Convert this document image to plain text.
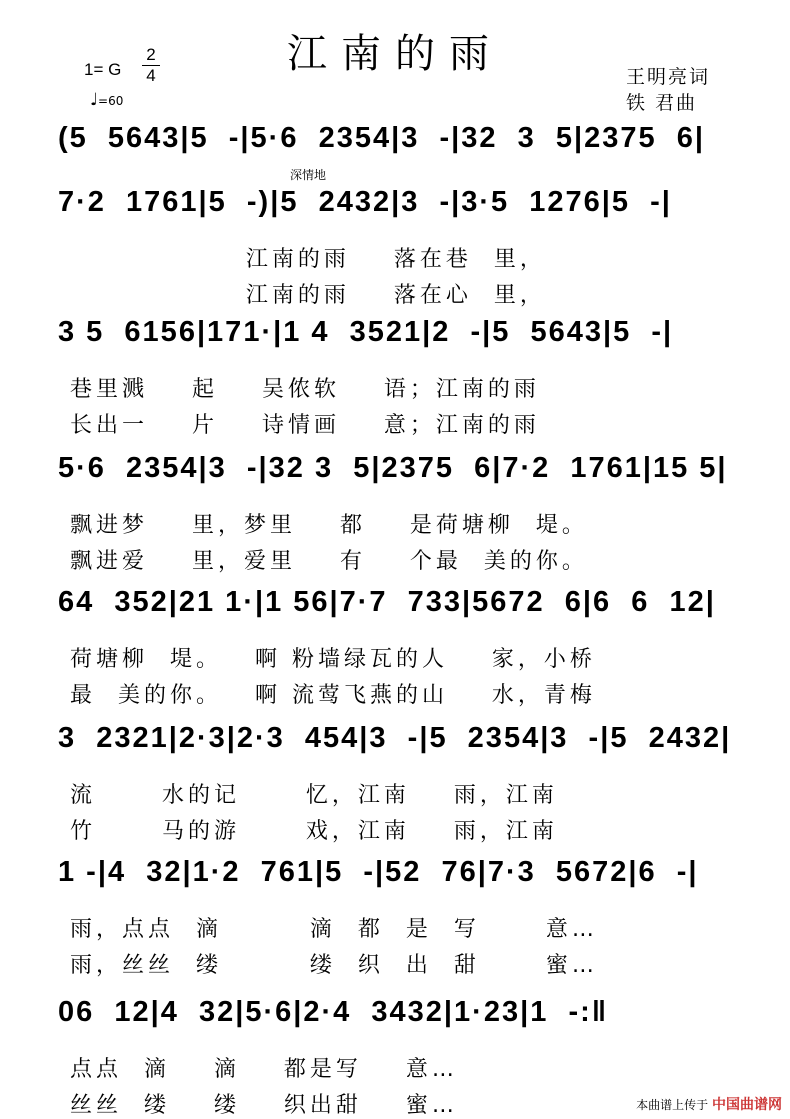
江南的雨
1= G
2
4
♩=60
王明亮词
铁 君曲
(5  5643|5  -|5·6  2354|3  -|32  3  5|2375  6|
7·2  1761|5  -)|5  2432|3  -|3·5  1276|5  -|
江南的雨    落在巷  里，
江南的雨    落在心  里，
3 5  6156|171·|1 4  3521|2  -|5  5643|5  -|
巷里溅    起    吴侬软    语；江南的雨
长出一    片    诗情画    意；江南的雨
5·6  2354|3  -|32 3  5|2375  6|7·2  1761|15 5|
飘进梦    里，梦里    都    是荷塘柳  堤。
飘进爱    里，爱里    有    个最  美的你。
64  352|21 1·|1 56|7·7  733|5672  6|6  6  12|
荷塘柳  堤。   啊 粉墙绿瓦的人    家，小桥
最  美的你。   啊 流莺飞燕的山    水，青梅
3  2321|2·3|2·3  454|3  -|5  2354|3  -|5  2432|
流      水的记      忆，江南    雨，江南
竹      马的游      戏，江南    雨，江南
1 -|4  32|1·2  761|5  -|52  76|7·3  5672|6  -|
雨，点点  滴        滴  都  是  写      意…
雨，丝丝  缕        缕  织  出  甜      蜜…
06  12|4  32|5·6|2·4  3432|1·23|1  -:‖
点点  滴    滴    都是写    意…
丝丝  缕    缕    织出甜    蜜…	本曲谱上传于 中国曲谱网
深情地
